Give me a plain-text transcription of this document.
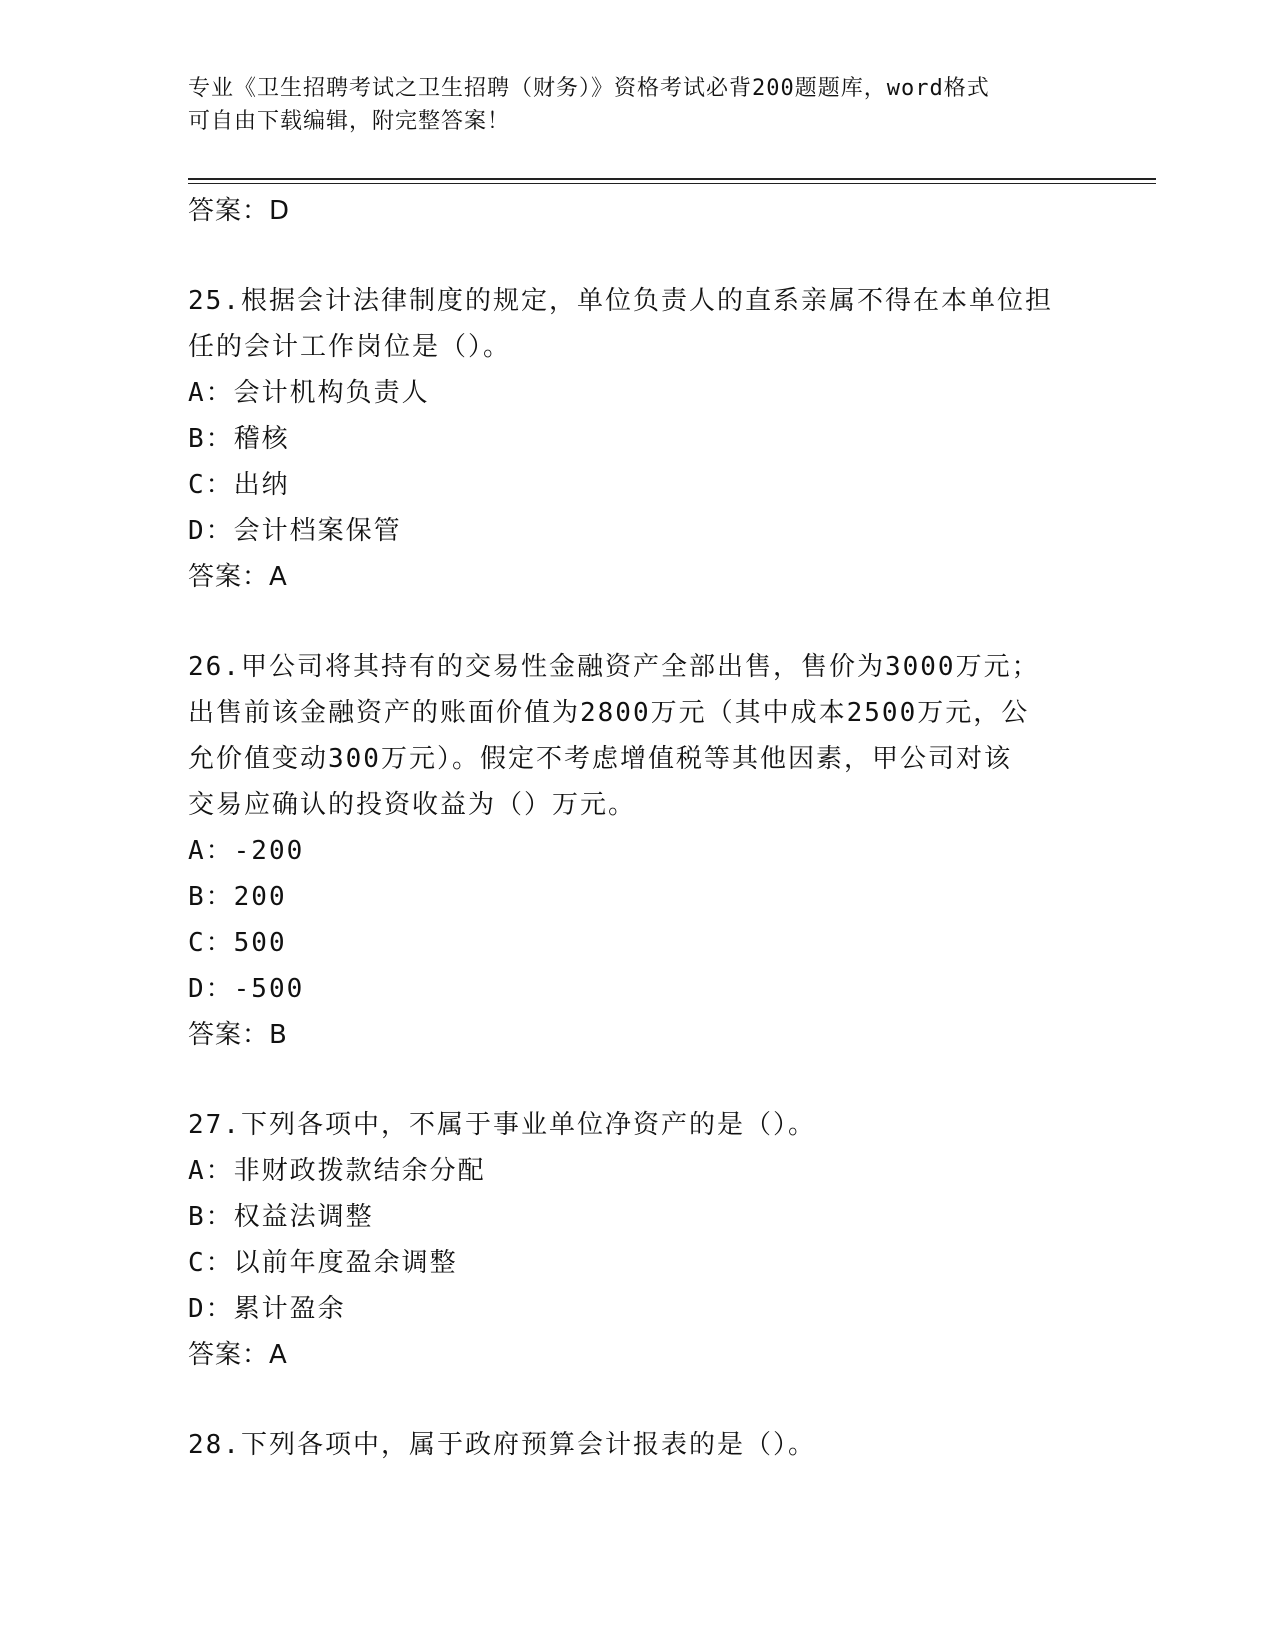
专业《卫生招聘考试之卫生招聘（财务）》资格考试必背200题题库，word格式
可自由下载编辑，附完整答案！
答案：D
25.根据会计法律制度的规定，单位负责人的直系亲属不得在本单位担
任的会计工作岗位是（）。
A：会计机构负责人
B：稽核
C：出纳
D：会计档案保管
答案：A
26.甲公司将其持有的交易性金融资产全部出售，售价为3000万元；
出售前该金融资产的账面价值为2800万元（其中成本2500万元，公
允价值变动300万元）。假定不考虑增值税等其他因素，甲公司对该
交易应确认的投资收益为（）万元。
A：-200
B：200
C：500
D：-500
答案：B
27.下列各项中，不属于事业单位净资产的是（）。
A：非财政拨款结余分配
B：权益法调整
C：以前年度盈余调整
D：累计盈余
答案：A
28.下列各项中，属于政府预算会计报表的是（）。
